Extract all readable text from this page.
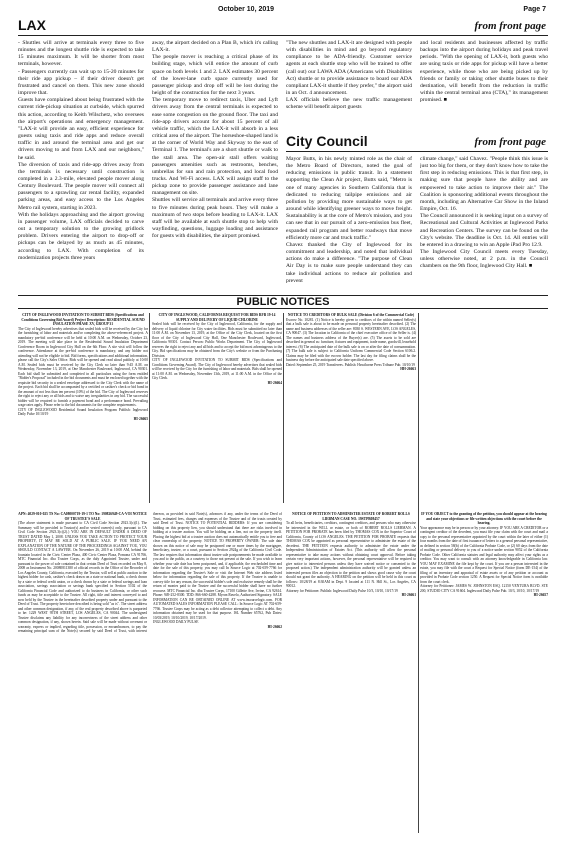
October 10, 2019	Page 7
LAX	from front page

- Shuttles will arrive at terminals every three to five minutes and the longest shuttle ride is expected to take 15 minutes maximum. It will be shorter from most terminals, however.

- Passengers currently can wait up to 15-20 minutes for their ride app pickup – if their driver doesn't get frustrated and cancel on them. This new zone should improve that.

Guests have complained about being frustrated with the current ride-pickup situation at curbside, which spurred this action, according to Keith Wilschetz, who oversees the airport's operations and emergency management. "LAX-it will provide an easy, efficient experience for guests using taxis and ride apps and reduce overall traffic in and around the terminal area and get our drivers moving to and from LAX and our neighbors," he said.

The diversion of taxis and ride-app drives away from the terminals is necessary until construction is completed in a 2.3-mile, elevated people mover along Century Boulevard. The people mover will connect all passengers to a sprawling car rental facility, expanded parking areas, and easy access to the Los Angeles Metro rail system, starting in 2023.

With the holidays approaching and the airport growing in passenger volume, LAX officials decided to carve out a temporary solution to the growing gridlock problem. Drivers entering the airport to drop-off or pickups can be delayed by as much as 45 minutes, according to LAX. With completion of its modernization projects three years

away, the airport decided on a Plan B, which it's calling LAX-it.

The people mover is reaching a critical phase of its building stage, which will entice the amount of curb space on both levels 1 and 2. LAX estimates 30 percent of the lower-lane curb space currently used for passenger pickup and drop off will be lost during the height of the construction for the next 3 years.

The temporary move to redirect taxis, Uber and Lyft drivers away from the central terminals is expected to ease some congestion on the ground floor. The taxi and ride-app drivers account for about 15 percent of all vehicle traffic, which the LAX-it will absorb in a less critical area of the airport. The horseshoe-shaped land is at the corner of World Way and Skyway to the east of Terminal 1. The terminal's are a short shuttle or walk to the stall area. The open-air stall offers waiting passengers amenities such as restrooms, benches, umbrellas for sun and rain protection, and local food trucks. And Wi-Fi access. LAX will assign staff to the pickup zone to provide passenger assistance and lane management on site.

Shuttles will service all terminals and arrive every three to five minutes during peak hours. They will make a maximum of two stops before heading to LAX-it. LAX staff will be available at each shuttle stop to help with wayfinding, questions, luggage loading and assistance for guests with disabilities, the airport promised.

"The new shuttles and LAX-it are designed with people with disabilities in mind and go beyond regulatory compliance to be ADA-friendly. Customer service agents at each shuttle stop who will be trained to offer (call out) our LAWA ADA (Americans with Disabilities Act) shuttle or to provide assistance to board our ADA compliant LAX-it shuttle if they prefer," the airport said in an Oct. 4 announcement.

LAX officials believe the new traffic management scheme will benefit airport guests

and local residents and businesses affected by traffic backups into the airport during holidays and peak travel periods. "With the opening of LAX-it, both guests who are using taxis or ride apps for pickup will have a better experience, while those who are being picked up by friends or family or taking other shuttle buses to their destination, will benefit from the reduction in traffic within the central terminal area (CTA)," its management promised. ■

City Council	from front page

Mayor Butts, in his newly minted role as the chair of the Metro Board of Directors, noted the goal of reducing emissions in public transit. In a statement supporting the Clean Air project, Butts said, "Metro is one of many agencies in Southern California that is dedicated to reducing tailpipe emissions and air pollution by providing more sustainable ways to get around while identifying greener ways to move freight. Sustainability is at the core of Metro's mission, and you can see that in our pursuit of a zero-emission bus fleet, expanded rail program and better roadways that move efficiently more car and truck traffic."

Chavez thanked the City of Inglewood for its commitment and leadership, and noted that individual actions do make a difference. "The purpose of Clean Air Day is to make sure people understand they can take individual actions to reduce air pollution and prevent

climate change," said Chavez. "People think this issue is just too big for them, or they don't know how to take the first step in reducing emissions. This is that first step, in making sure that people have the ability and are empowered to take action to improve their air." The Coalition is sponsoring additional events throughout the month, including an Alternative Car Show in the Inland Empire, Oct. 16.

The Council announced it is seeking input on a survey of Recreational and Cultural Activities at Inglewood Parks and Recreation Centers. The survey can be found on the City's website. The deadline is Oct. 14. All entries will be entered in a drawing to win an Apple iPad Pro 12.9.

The Inglewood City Council meets every Tuesday, unless otherwise noted, at 2 p.m. in the Council chambers on the 9th floor, Inglewood City Hall. ■

PUBLIC NOTICES
CITY OF INGLEWOOD INVITATION TO SUBMIT BIDS (Specifications and Conditions Governing Bid Award) Project Description: RESIDENTIAL SOUND INSULATION PHASE XV, GROUP 31
The City of Inglewood hereby advertises that sealed bids will be received by the City for the furnishing of labor and materials and/or completing the above-referenced project. A mandatory pre-bid conference will be held at 10:00 A.M. on Wednesday, October 23, 2019. The meeting will take place in the Residential Sound Insulation Department Conference Room in Inglewood City Hall on the 6th Floor. A site visit will follow the conference. Attendance at the pre-bid conference is mandatory, and any bidder not attending will not be eligible to bid. Bid forms, specifications and additional information, please call the City's Sales Office. Bids will be opened and read aloud publicly at 10:00 A.M. Sealed bids must be received by the City Clerk no later than 9:45 A.M. on Wednesday, November 13, 2019, at One Manchester Boulevard, Inglewood, CA 90301. Each bid shall be submitted and completed in all particulars using the form entitled "Bidder's Proposal" included in the bid documents and must be enclosed together with the requisite bid security in a sealed envelope addressed to the City Clerk with the name of the project. Each bid shall be accompanied by a certified or cashier's check or bid bond in the amount of not less than ten percent (10%) of the bid. The City of Inglewood reserves the right to reject any or all bids and to waive any irregularities in any bid. The successful bidder will be required to furnish a payment bond and a performance bond. Prevailing wage rates apply. Please refer to the bid documents for the complete requirements.
CITY OF INGLEWOOD Residential Sound Insulation Program Publish: Inglewood Daily Pulse 10/10/19
HI-26665
CITY OF INGLEWOOD, CALIFORNIA REQUEST FOR BIDS RFB 19-14 SUPPLY AND DELIVERY OF LIQUID CHLORINE
Sealed bids will be received by the City of Inglewood, California, for the supply and delivery of liquid chlorine for City water facilities. Bids must be submitted no later than 11:00 A.M. on November 13, 2019, at the Office of the City Clerk, located on the first floor of the City of Inglewood City Hall, One Manchester Boulevard, Inglewood, California 90301. Contact Person: Public Works Department. The City of Inglewood reserves the right to reject any and all bids and to accept the bid most advantageous to the City. Bid specifications may be obtained from the City's website or from the Purchasing Division.
CITY OF INGLEWOOD INVITATION TO SUBMIT BIDS (Specifications and Conditions Governing Award). The City of Inglewood hereby advertises that sealed bids will be received by the City for the furnishing of labor and materials. Bids shall be opened at 11:00 A.M. on Wednesday, November 13th, 2019, at 11:00 A.M. in the Office of the City Clerk.
HI-26664
NOTICE TO CREDITORS OF BULK SALE (Division 6 of the Commercial Code)
Escrow No. 10281. (1) Notice is hereby given to creditors of the within named Seller(s) that a bulk sale is about to be made on personal property hereinafter described. (2) The name and business addresses of the seller are: 8030 S. WESTERN AVE, LOS ANGELES, CA 90047. (3) The location in California of the chief executive office of the Seller is. (4) The names and business address of the Buyer(s) are. (5) The assets to be sold are described in general as: furniture, fixtures and equipment, trade name, goodwill, leasehold interest. (6) The anticipated date of the bulk sale is on or after the date of consummation. (7) The bulk sale is subject to California Uniform Commercial Code Section 6106.2. Claims may be filed with the escrow holder. The last day for filing claims shall be the business day before the anticipated sale date specified above.
Dated: September 25, 2019 Transferees. Publish: Hawthorne Press Tribune Pub. 10/10/19
HH-26663
APN: 4029-010-025 TS No: CA08000719-19-1 TO No: 190826949-CA-VOI NOTICE OF TRUSTEE'S SALE
(The above statement is made pursuant to CA Civil Code Section 2923.3(c)(1). The Summary will be provided to Trustor(s) and/or vested owner(s) only, pursuant to CA Civil Code Section 2923.3(c)(2).) YOU ARE IN DEFAULT UNDER A DEED OF TRUST DATED May 1, 2008. UNLESS YOU TAKE ACTION TO PROTECT YOUR PROPERTY, IT MAY BE SOLD AT A PUBLIC SALE. IF YOU NEED AN EXPLANATION OF THE NATURE OF THE PROCEEDINGS AGAINST YOU, YOU SHOULD CONTACT A LAWYER. On November 26, 2019 at 10:00 AM, behind the fountain located in the Civic Center Plaza, 400 Civic Center Plaza, Pomona CA 91766, MTC Financial Inc. dba Trustee Corps, as the duly Appointed Trustee, under and pursuant to the power of sale contained in that certain Deed of Trust recorded on May 8, 2008 as Instrument No. 20080811380 of official records in the Office of the Recorder of Los Angeles County, California, executed by the Trustor, will sell at public auction to the highest bidder for cash, cashier's check drawn on a state or national bank, a check drawn by a state or federal credit union, or a check drawn by a state or federal savings and loan association, savings association or savings bank specified in Section 5102 of the California Financial Code and authorized to do business in California, or other such funds as may be acceptable to the Trustee. All right, title and interest conveyed to and now held by the Trustee in the hereinafter described property under and pursuant to the Deed of Trust. The property heretofore described is being sold "as is". The street address and other common designation, if any, of the real property described above is purported to be: 1229 WEST 95TH STREET, LOS ANGELES, CA 90044. The undersigned Trustee disclaims any liability for any incorrectness of the street address and other common designation, if any, shown herein. Said sale will be made without covenant or warranty, express or implied, regarding title, possession, or encumbrances, to pay the remaining principal sum of the Note(s) secured by said Deed of Trust, with interest thereon, as provided in said Note(s), advances if any, under the terms of the Deed of Trust, estimated fees, charges and expenses of the Trustee and of the trusts created by said Deed of Trust. NOTICE TO POTENTIAL BIDDERS: If you are considering bidding on this property lien, you should understand that there are risks involved in bidding at a trustee auction. You will be bidding on a lien, not on the property itself. Placing the highest bid at a trustee auction does not automatically entitle you to free and clear ownership of the property. NOTICE TO PROPERTY OWNER: The sale date shown on this notice of sale may be postponed one or more times by the mortgagee, beneficiary, trustee, or a court, pursuant to Section 2924g of the California Civil Code. The law requires that information about trustee sale postponements be made available to you and to the public, as a courtesy to those not present at the sale. If you wish to learn whether your sale date has been postponed, and, if applicable, the rescheduled time and date for the sale of this property, you may call In Source Logic at 702-659-7766 for information regarding the Trustee's Sale or visit the Internet Web site address listed below for information regarding the sale of this property. If the Trustee is unable to convey title for any reason, the successful bidder's sole and exclusive remedy shall be the return of monies paid to the Trustee and the successful bidder shall have no further recourse. MTC Financial Inc. dba Trustee Corps, 17100 Gillette Ave, Irvine, CA 92614. Phone: 949-252-8300. TDD: 866-660-4288. Myron Ravelo, Authorized Signatory. SALE INFORMATION CAN BE OBTAINED ONLINE AT www.insourcelogic.com. FOR AUTOMATED SALES INFORMATION PLEASE CALL: In Source Logic AT 702-659-7766. Trustee Corps may be acting as a debt collector attempting to collect a debt. Any information obtained may be used for that purpose. ISL Number 65762, Pub Dates: 10/03/2019, 10/10/2019, 10/17/2019.
INGLEWOOD DAILY PULSE
HI-26662
NOTICE OF PETITION TO ADMINISTER ESTATE OF ROBERT ROLLS LIEBMAN CASE NO. 19STPB08457
To all heirs, beneficiaries, creditors, contingent creditors, and persons who may otherwise be interested in the WILL or estate, or both of ROBERT ROLLS LIEBMAN. A PETITION FOR PROBATE has been filed by THOMAS COX in the Superior Court of California, County of LOS ANGELES. THE PETITION FOR PROBATE requests that THOMAS COX be appointed as personal representative to administer the estate of the decedent. THE PETITION requests authority to administer the estate under the Independent Administration of Estates Act. (This authority will allow the personal representative to take many actions without obtaining court approval. Before taking certain very important actions, however, the personal representative will be required to give notice to interested persons unless they have waived notice or consented to the proposed action.) The independent administration authority will be granted unless an interested person files an objection to the petition and shows good cause why the court should not grant the authority. A HEARING on the petition will be held in this court as follows: 10/28/19 at 8:30AM in Dept. 9 located at 111 N. Hill St., Los Angeles, CA 90012.
Attorney for Petitioner. Publish: Inglewood Daily Pulse 10/3, 10/10, 10/17/19
HI-26661
IF YOU OBJECT to the granting of the petition, you should appear at the hearing and state your objections or file written objections with the court before the hearing.
Your appearance may be in person or by your attorney. IF YOU ARE A CREDITOR or a contingent creditor of the decedent, you must file your claim with the court and mail a copy to the personal representative appointed by the court within the later of either (1) four months from the date of first issuance of letters to a general personal representative, as defined in section 58(b) of the California Probate Code, or (2) 60 days from the date of mailing or personal delivery to you of a notice under section 9052 of the California Probate Code. Other California statutes and legal authority may affect your rights as a creditor. You may want to consult with an attorney knowledgeable in California law. YOU MAY EXAMINE the file kept by the court. If you are a person interested in the estate, you may file with the court a Request for Special Notice (form DE-154) of the filing of an inventory and appraisal of estate assets or of any petition or account as provided in Probate Code section 1250. A Request for Special Notice form is available from the court clerk.
Attorney for Petitioner: JAMES W. JOHNSTON ESQ. 12150 VENTURA BLVD. STE 200, STUDIO CITY CA 91604. Inglewood Daily Pulse Pub. 10/3, 10/10, 10/17/19
HI-26657
